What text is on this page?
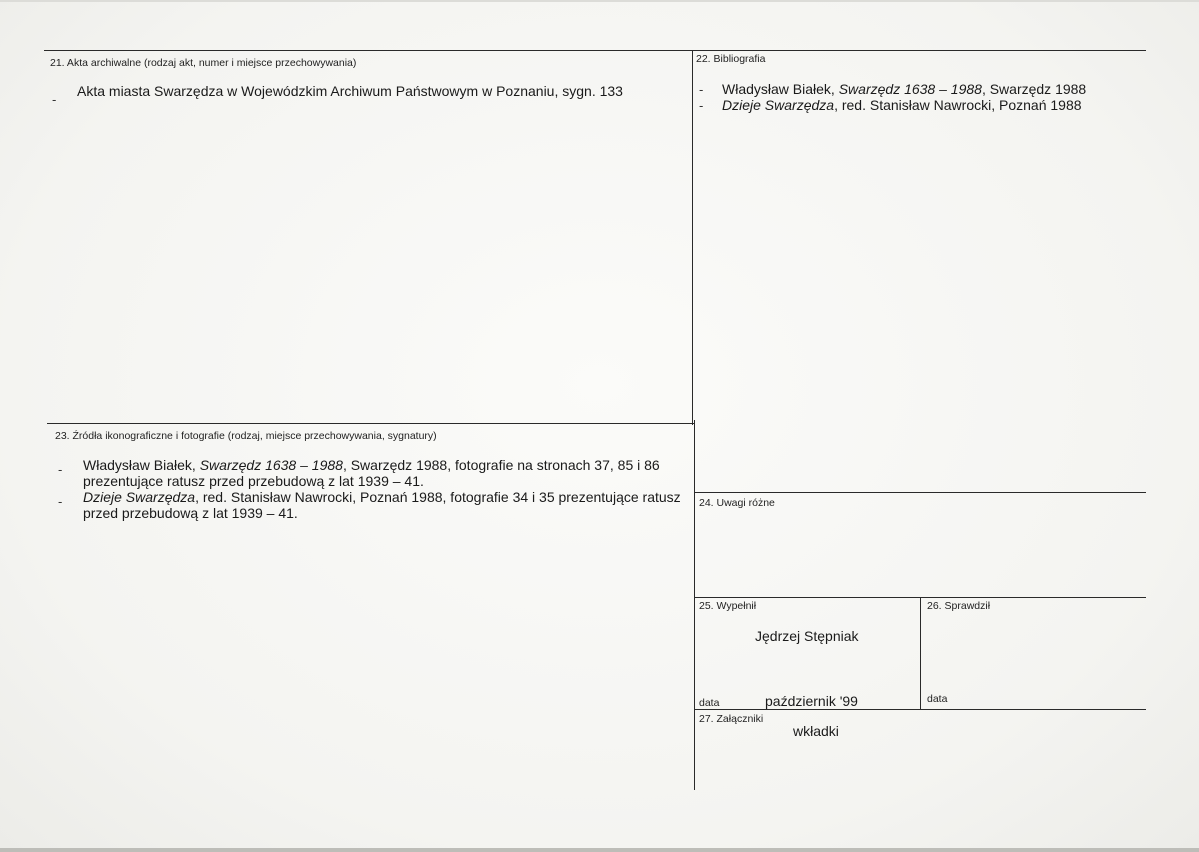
21. Akta archiwalne (rodzaj akt, numer i miejsce przechowywania)
-
Akta miasta Swarzędza w Wojewódzkim Archiwum Państwowym w Poznaniu, sygn. 133
22. Bibliografia
- Władysław Białek, Swarzędz 1638 – 1988, Swarzędz 1988
- Dzieje Swarzędza, red. Stanisław Nawrocki, Poznań 1988
23. Źródła ikonograficzne i fotografie (rodzaj, miejsce przechowywania, sygnatury)
- Władysław Białek, Swarzędz 1638 – 1988, Swarzędz 1988, fotografie na stronach 37, 85 i 86
prezentujące ratusz przed przebudową z lat 1939 – 41.
- Dzieje Swarzędza, red. Stanisław Nawrocki, Poznań 1988, fotografie 34 i 35 prezentujące ratusz
przed przebudową z lat 1939 – 41.
24. Uwagi różne
25. Wypełnił
Jędrzej Stępniak
data	październik '99
26. Sprawdził
data
27. Załączniki
wkładki
